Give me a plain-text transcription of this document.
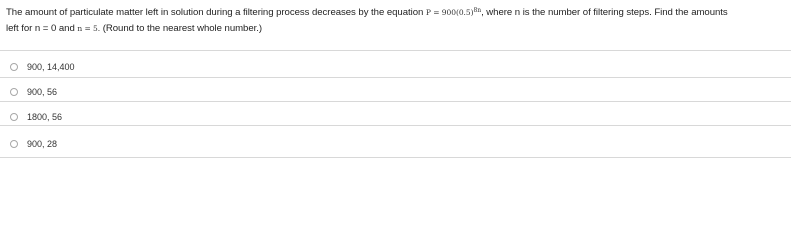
The amount of particulate matter left in solution during a filtering process decreases by the equation $P = 900(0.5)^{8n}$, where n is the number of filtering steps. Find the amounts
left for n = 0 and n = 5. (Round to the nearest whole number.)
900, 14,400
900, 56
1800, 56
900, 28
